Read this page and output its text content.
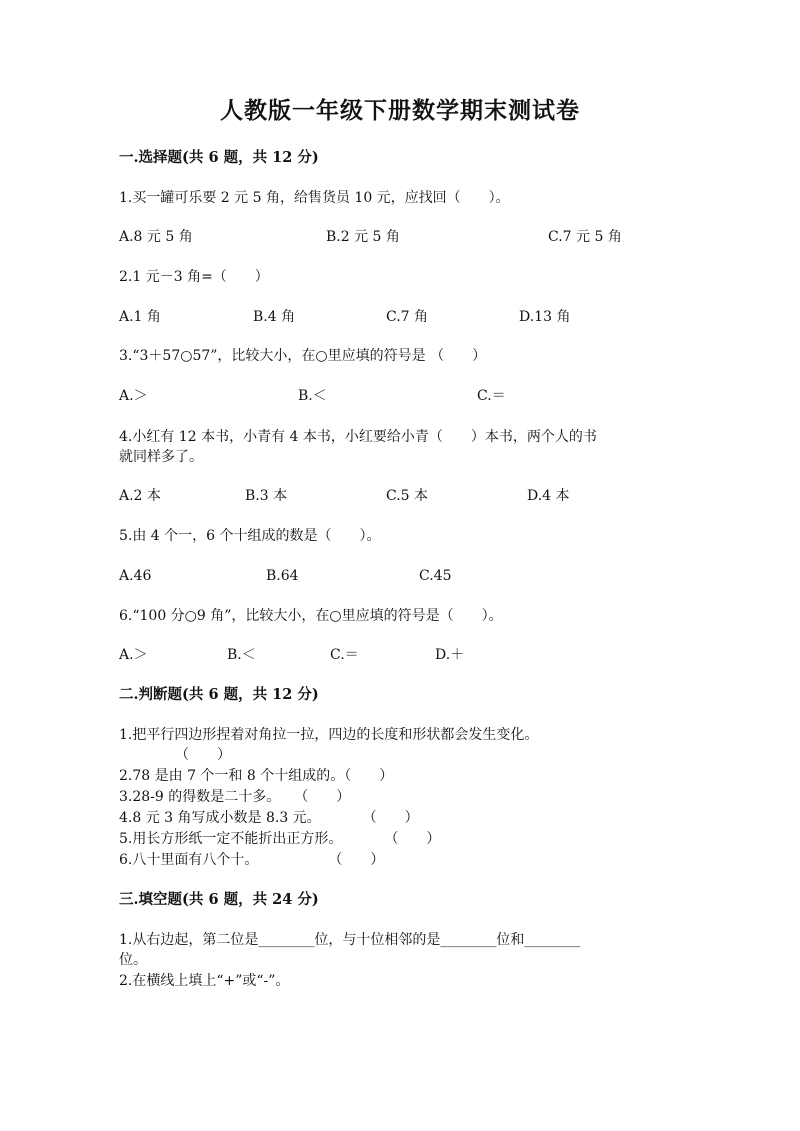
人教版一年级下册数学期末测试卷
一.选择题(共 6 题，共 12 分)
1.买一罐可乐要 2 元 5 角，给售货员 10 元，应找回（　　）。
A.8 元 5 角	B.2 元 5 角	C.7 元 5 角
2.1 元－3 角=（　　）
A.1 角	B.4 角	C.7 角	D.13 角
3.“3＋57○57”，比较大小，在○里应填的符号是 （　　）
A.＞	B.＜	C.＝
4.小红有 12 本书，小青有 4 本书，小红要给小青（　　）本书，两个人的书
就同样多了。
A.2 本	B.3 本	C.5 本	D.4 本
5.由 4 个一，6 个十组成的数是（　　）。
A.46	B.64	C.45
6.“100 分○9 角”，比较大小，在○里应填的符号是（　　）。
A.＞	B.＜	C.＝	D.＋
二.判断题(共 6 题，共 12 分)
1.把平行四边形捏着对角拉一拉，四边的长度和形状都会发生变化。
（　　）
2.78 是由 7 个一和 8 个十组成的。（　　）
3.28-9 的得数是二十多。　　（　　）
4.8 元 3 角写成小数是 8.3 元。　　　　（　　）
5.用长方形纸一定不能折出正方形。　　　　（　　）
6.八十里面有八个十。　　　　　　（　　）
三.填空题(共 6 题，共 24 分)
1.从右边起，第二位是________位，与十位相邻的是________位和________
位。
2.在横线上填上“+”或“-”。
